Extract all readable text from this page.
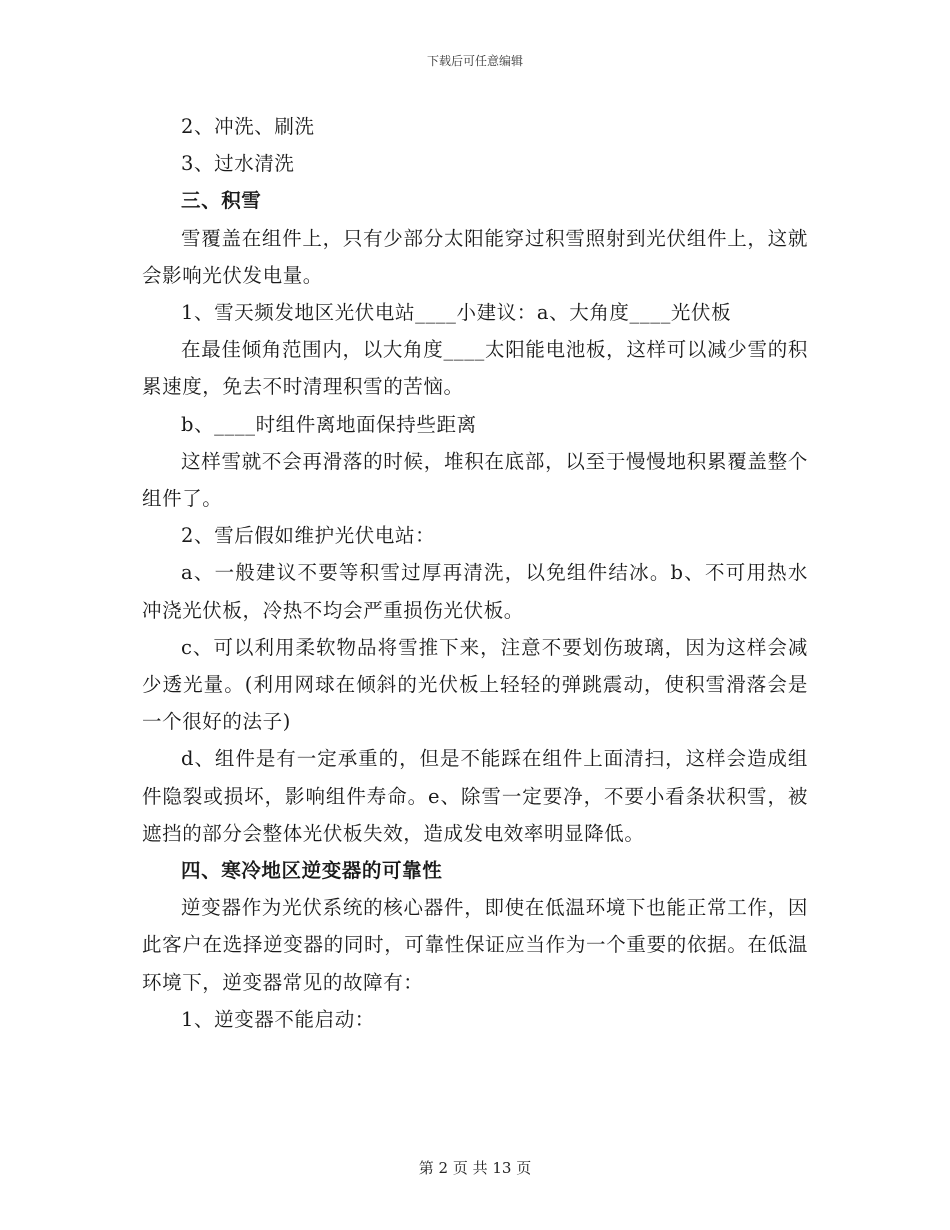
下载后可任意编辑

2、冲洗、刷洗

3、过水清洗

三、积雪

雪覆盖在组件上，只有少部分太阳能穿过积雪照射到光伏组件上，这就会影响光伏发电量。

1、雪天频发地区光伏电站____小建议：a、大角度____光伏板

在最佳倾角范围内，以大角度____太阳能电池板，这样可以减少雪的积累速度，免去不时清理积雪的苦恼。

b、____时组件离地面保持些距离

这样雪就不会再滑落的时候，堆积在底部，以至于慢慢地积累覆盖整个组件了。

2、雪后假如维护光伏电站：

a、一般建议不要等积雪过厚再清洗，以免组件结冰。b、不可用热水冲浇光伏板，冷热不均会严重损伤光伏板。

c、可以利用柔软物品将雪推下来，注意不要划伤玻璃，因为这样会减少透光量。(利用网球在倾斜的光伏板上轻轻的弹跳震动，使积雪滑落会是一个很好的法子)

d、组件是有一定承重的，但是不能踩在组件上面清扫，这样会造成组件隐裂或损坏，影响组件寿命。e、除雪一定要净，不要小看条状积雪，被遮挡的部分会整体光伏板失效，造成发电效率明显降低。

四、寒冷地区逆变器的可靠性

逆变器作为光伏系统的核心器件，即使在低温环境下也能正常工作，因此客户在选择逆变器的同时，可靠性保证应当作为一个重要的依据。在低温环境下，逆变器常见的故障有：

1、逆变器不能启动：

第 2 页 共 13 页
